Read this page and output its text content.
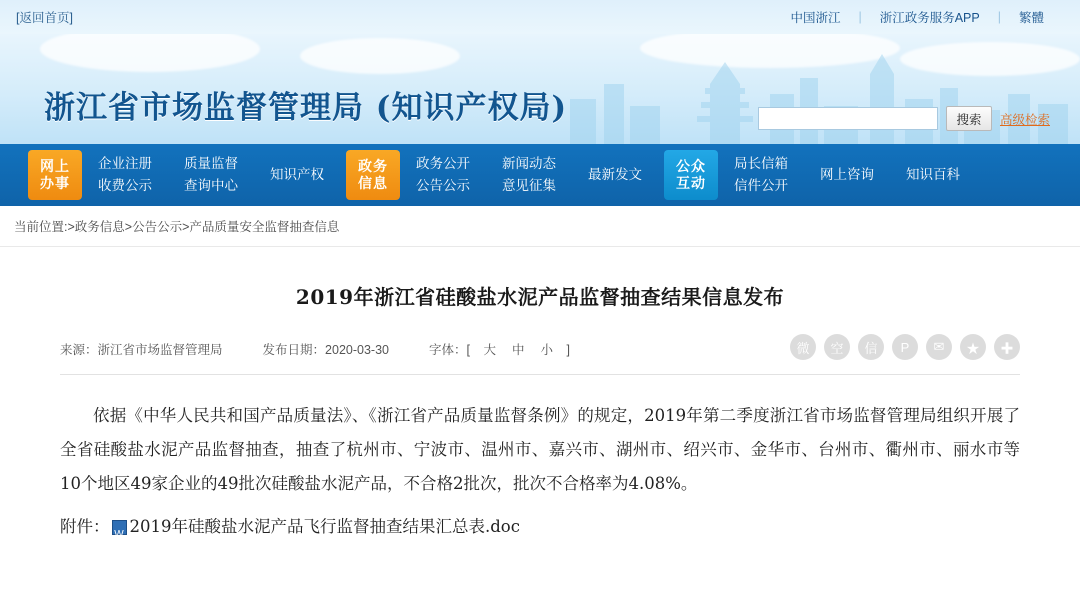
[返回首页]	中国浙江	|	浙江政务服务APP	|	繁體
浙江省市场监督管理局 (知识产权局)	搜索	高级检索
网上
办事
企业注册
收费公示
质量监督
查询中心
知识产权
政务
信息
政务公开
公告公示
新闻动态
意见征集
最新发文
公众
互动
局长信箱
信件公开
网上咨询 知识百科
当前位置:>政务信息>公告公示>产品质量安全监督抽查信息
2019年浙江省硅酸盐水泥产品监督抽查结果信息发布
来源：浙江省市场监督管理局	发布日期：2020-03-30	字体：[ 大 中 小 ]	微	空	信	P	✉	★	✚
依据《中华人民共和国产品质量法》、《浙江省产品质量监督条例》的规定，2019年第二季度浙江省市场监督管理局组织开展了全省硅酸盐水泥产品监督抽查，抽查了杭州市、宁波市、温州市、嘉兴市、湖州市、绍兴市、金华市、台州市、衢州市、丽水市等10个地区49家企业的49批次硅酸盐水泥产品，不合格2批次，批次不合格率为4.08%。
附件： W 2019年硅酸盐水泥产品飞行监督抽查结果汇总表.doc
